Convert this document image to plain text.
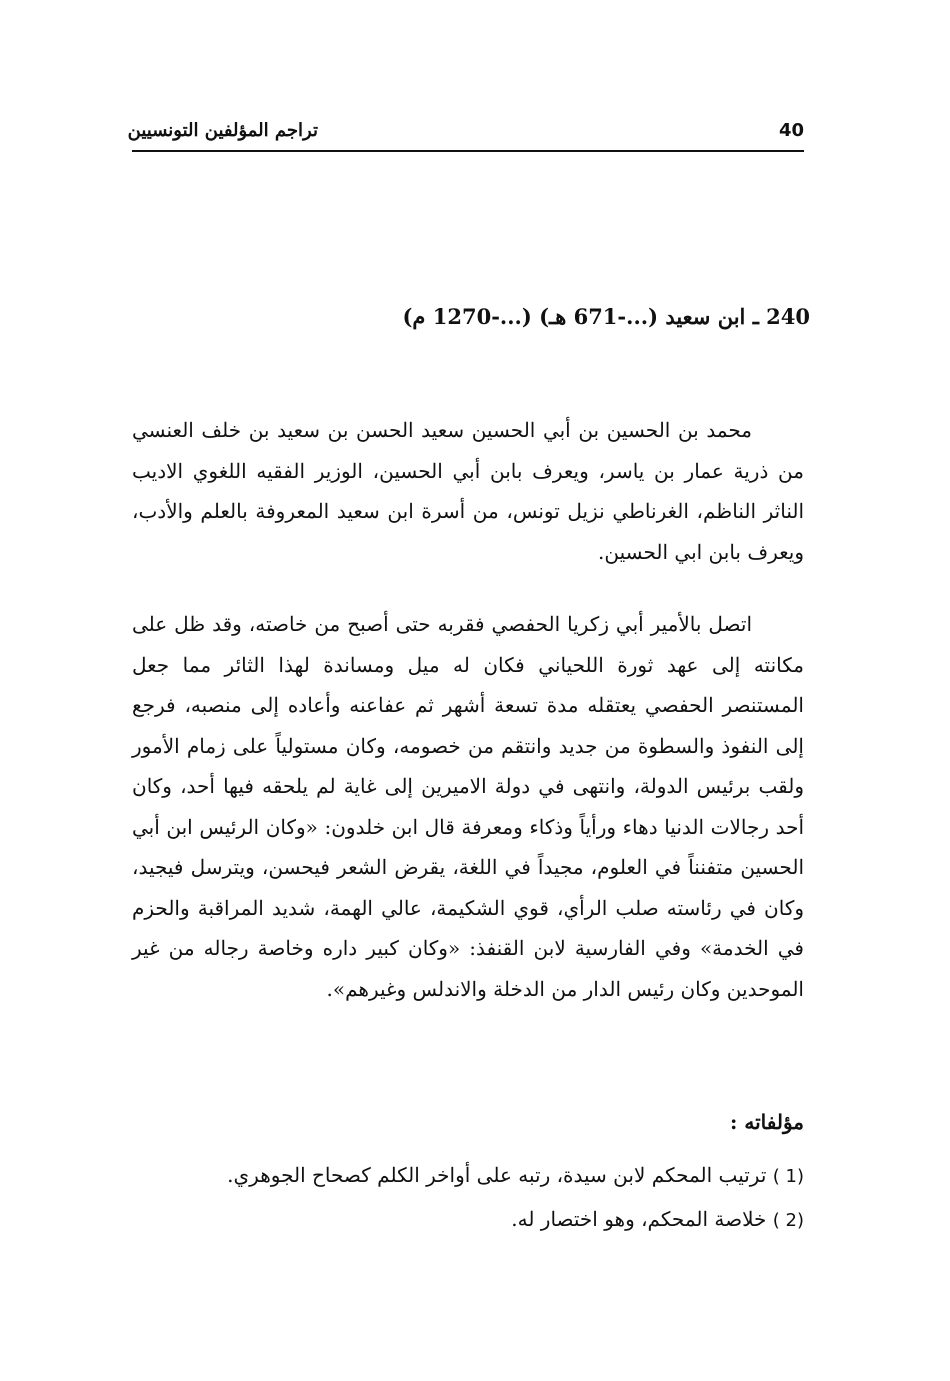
40
تراجم المؤلفين التونسيين
240 ـ ابن سعيد (...-671 هـ) (...-1270 م)
محمد بن الحسين بن أبي الحسين سعيد الحسن بن سعيد بن خلف العنسي من ذرية عمار بن ياسر، ويعرف بابن أبي الحسين، الوزير الفقيه اللغوي الاديب الناثر الناظم، الغرناطي نزيل تونس، من أسرة ابن سعيد المعروفة بالعلم والأدب، ويعرف بابن ابي الحسين.
اتصل بالأمير أبي زكريا الحفصي فقربه حتى أصبح من خاصته، وقد ظل على مكانته إلى عهد ثورة اللحياني فكان له ميل ومساندة لهذا الثائر مما جعل المستنصر الحفصي يعتقله مدة تسعة أشهر ثم عفاعنه وأعاده إلى منصبه، فرجع إلى النفوذ والسطوة من جديد وانتقم من خصومه، وكان مستولياً على زمام الأمور ولقب برئيس الدولة، وانتهى في دولة الاميرين إلى غاية لم يلحقه فيها أحد، وكان أحد رجالات الدنيا دهاء ورأياً وذكاء ومعرفة قال ابن خلدون: «وكان الرئيس ابن أبي الحسين متفنناً في العلوم، مجيداً في اللغة، يقرض الشعر فيحسن، ويترسل فيجيد، وكان في رئاسته صلب الرأي، قوي الشكيمة، عالي الهمة، شديد المراقبة والحزم في الخدمة» وفي الفارسية لابن القنفذ: «وكان كبير داره وخاصة رجاله من غير الموحدين وكان رئيس الدار من الدخلة والاندلس وغيرهم».
مؤلفاته :
(1 ) ترتيب المحكم لابن سيدة، رتبه على أواخر الكلم كصحاح الجوهري.
(2 ) خلاصة المحكم، وهو اختصار له.
